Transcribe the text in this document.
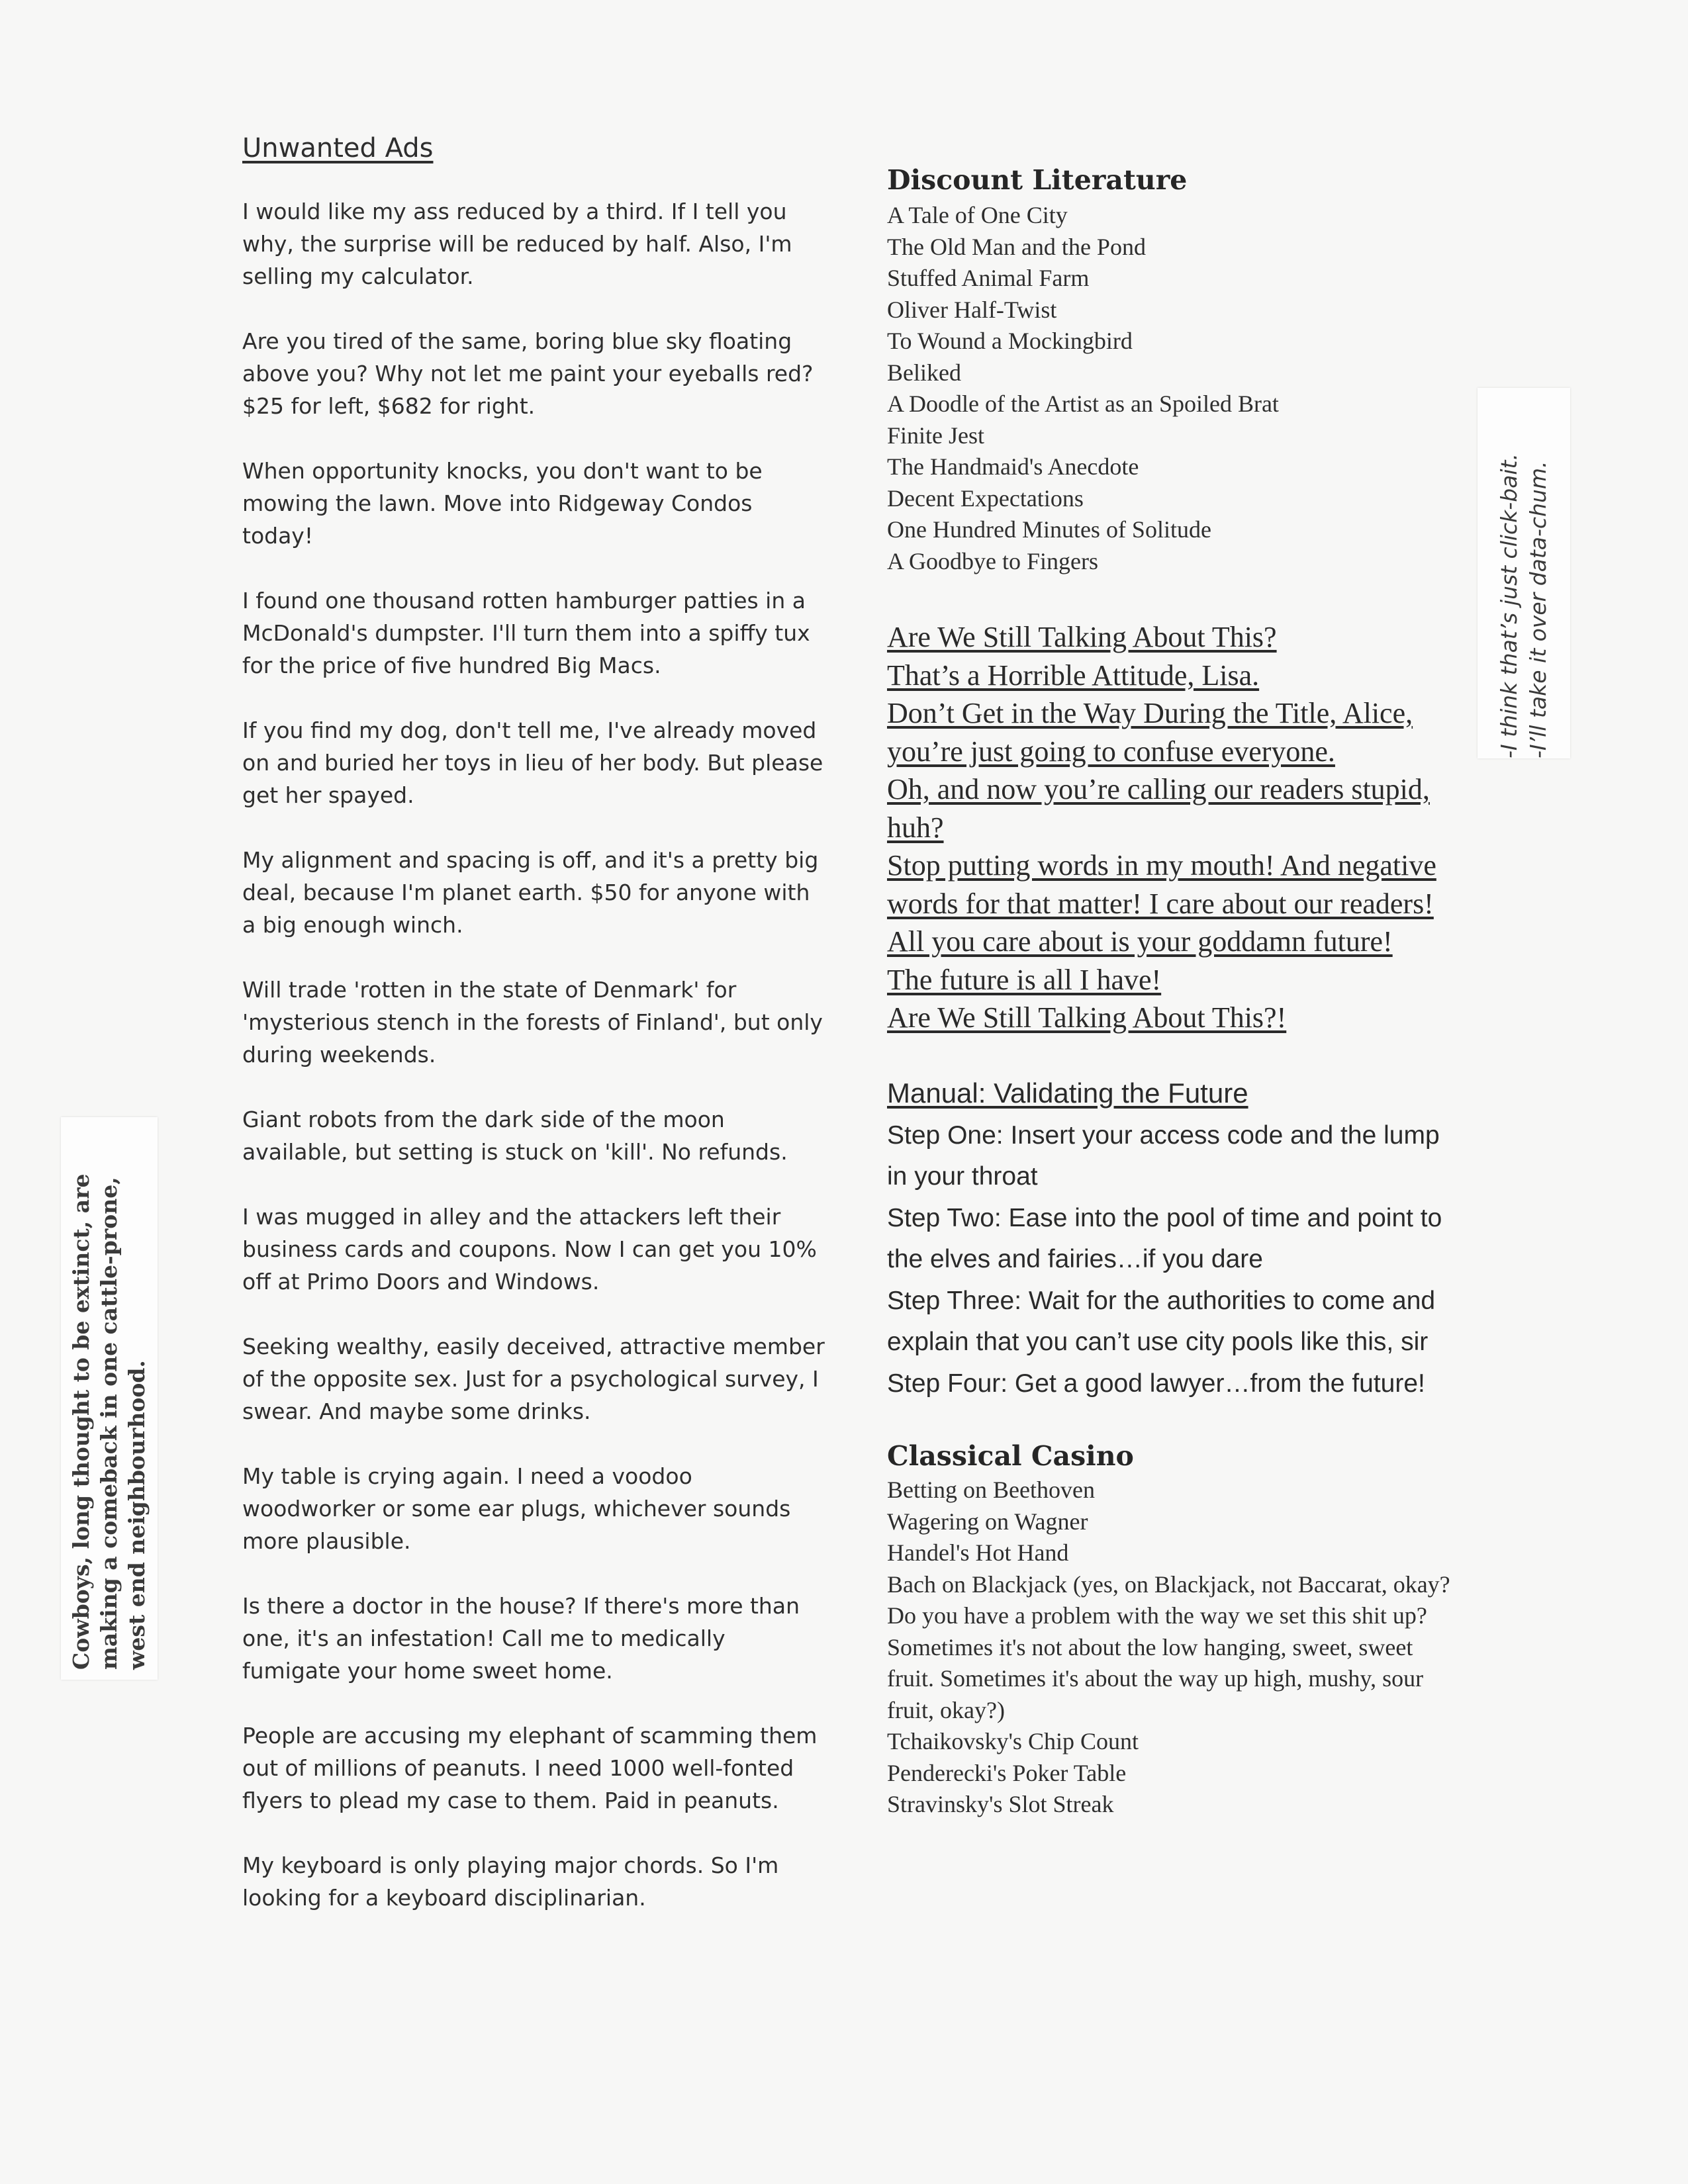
Unwanted Ads

I would like my ass reduced by a third. If I tell you why, the surprise will be reduced by half. Also, I'm selling my calculator.

Are you tired of the same, boring blue sky floating above you? Why not let me paint your eyeballs red? $25 for left, $682 for right.

When opportunity knocks, you don't want to be mowing the lawn. Move into Ridgeway Condos today!

I found one thousand rotten hamburger patties in a McDonald's dumpster. I'll turn them into a spiffy tux for the price of five hundred Big Macs.

If you find my dog, don't tell me, I've already moved on and buried her toys in lieu of her body. But please get her spayed.

My alignment and spacing is off, and it's a pretty big deal, because I'm planet earth. $50 for anyone with a big enough winch.

Will trade 'rotten in the state of Denmark' for 'mysterious stench in the forests of Finland', but only during weekends.

Giant robots from the dark side of the moon available, but setting is stuck on 'kill'. No refunds.

I was mugged in alley and the attackers left their business cards and coupons. Now I can get you 10% off at Primo Doors and Windows.

Seeking wealthy, easily deceived, attractive member of the opposite sex. Just for a psychological survey, I swear. And maybe some drinks.

My table is crying again. I need a voodoo woodworker or some ear plugs, whichever sounds more plausible.

Is there a doctor in the house? If there's more than one, it's an infestation! Call me to medically fumigate your home sweet home.

People are accusing my elephant of scamming them out of millions of peanuts. I need 1000 well-fonted flyers to plead my case to them. Paid in peanuts.

My keyboard is only playing major chords. So I'm looking for a keyboard disciplinarian.

Discount Literature
A Tale of One City
The Old Man and the Pond
Stuffed Animal Farm
Oliver Half-Twist
To Wound a Mockingbird
Beliked
A Doodle of the Artist as an Spoiled Brat
Finite Jest
The Handmaid's Anecdote
Decent Expectations
One Hundred Minutes of Solitude
A Goodbye to Fingers
Are We Still Talking About This?
That’s a Horrible Attitude, Lisa.
Don’t Get in the Way During the Title, Alice, you’re just going to confuse everyone.
Oh, and now you’re calling our readers stupid, huh?
Stop putting words in my mouth! And negative words for that matter! I care about our readers!
All you care about is your goddamn future!
The future is all I have!
Are We Still Talking About This?!
Manual: Validating the Future
Step One: Insert your access code and the lump in your throat
Step Two: Ease into the pool of time and point to the elves and fairies…if you dare
Step Three: Wait for the authorities to come and explain that you can’t use city pools like this, sir
Step Four: Get a good lawyer…from the future!
Classical Casino
Betting on Beethoven
Wagering on Wagner
Handel's Hot Hand
Bach on Blackjack (yes, on Blackjack, not Baccarat, okay? Do you have a problem with the way we set this shit up? Sometimes it's not about the low hanging, sweet, sweet fruit. Sometimes it's about the way up high, mushy, sour fruit, okay?)
Tchaikovsky's Chip Count
Penderecki's Poker Table
Stravinsky's Slot Streak
Cowboys, long thought to be extinct, are making a comeback in one cattle-prone, west end neighbourhood.
-I think that’s just click-bait. -I’ll take it over data-chum.
